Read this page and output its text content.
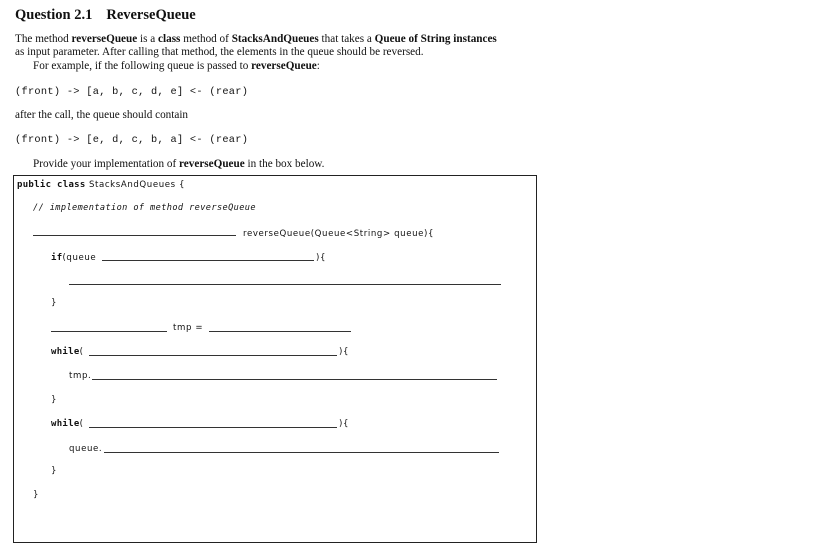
Question 2.1 ReverseQueue
The method reverseQueue is a class method of StacksAndQueues that takes a Queue of String instances
as input parameter. After calling that method, the elements in the queue should be reversed.
For example, if the following queue is passed to reverseQueue:
(front) -> [a, b, c, d, e] <- (rear)
after the call, the queue should contain
(front) -> [e, d, c, b, a] <- (rear)
Provide your implementation of reverseQueue in the box below.
public class StacksAndQueues {
// implementation of method reverseQueue
reverseQueue(Queue<String> queue){
if(queue	){
}
tmp =
while(	){
tmp.
}
while(	){
queue.
}
}
